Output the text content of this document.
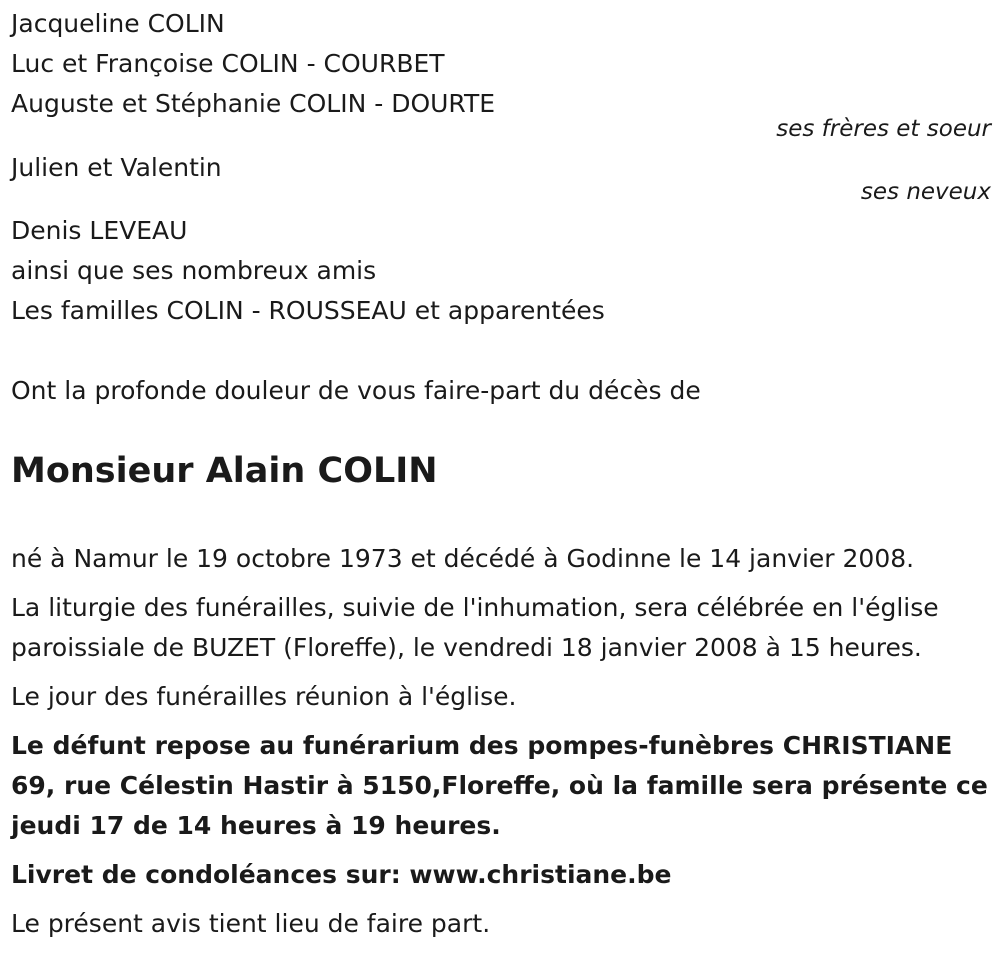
Jacqueline COLIN
Luc et Françoise COLIN - COURBET
Auguste et Stéphanie COLIN - DOURTE
ses frères et soeur
Julien et Valentin
ses neveux
Denis LEVEAU
ainsi que ses nombreux amis
Les familles COLIN - ROUSSEAU et apparentées
Ont la profonde douleur de vous faire-part du décès de
Monsieur Alain COLIN
né à Namur le 19 octobre 1973 et décédé à Godinne le 14 janvier 2008.
La liturgie des funérailles, suivie de l'inhumation, sera célébrée en l'église paroissiale de BUZET (Floreffe), le vendredi 18 janvier 2008 à 15 heures.
Le jour des funérailles réunion à l'église.
Le défunt repose au funérarium des pompes-funèbres CHRISTIANE 69, rue Célestin Hastir à 5150,Floreffe, où la famille sera présente ce jeudi 17 de 14 heures à 19 heures.
Livret de condoléances sur: www.christiane.be
Le présent avis tient lieu de faire part.
